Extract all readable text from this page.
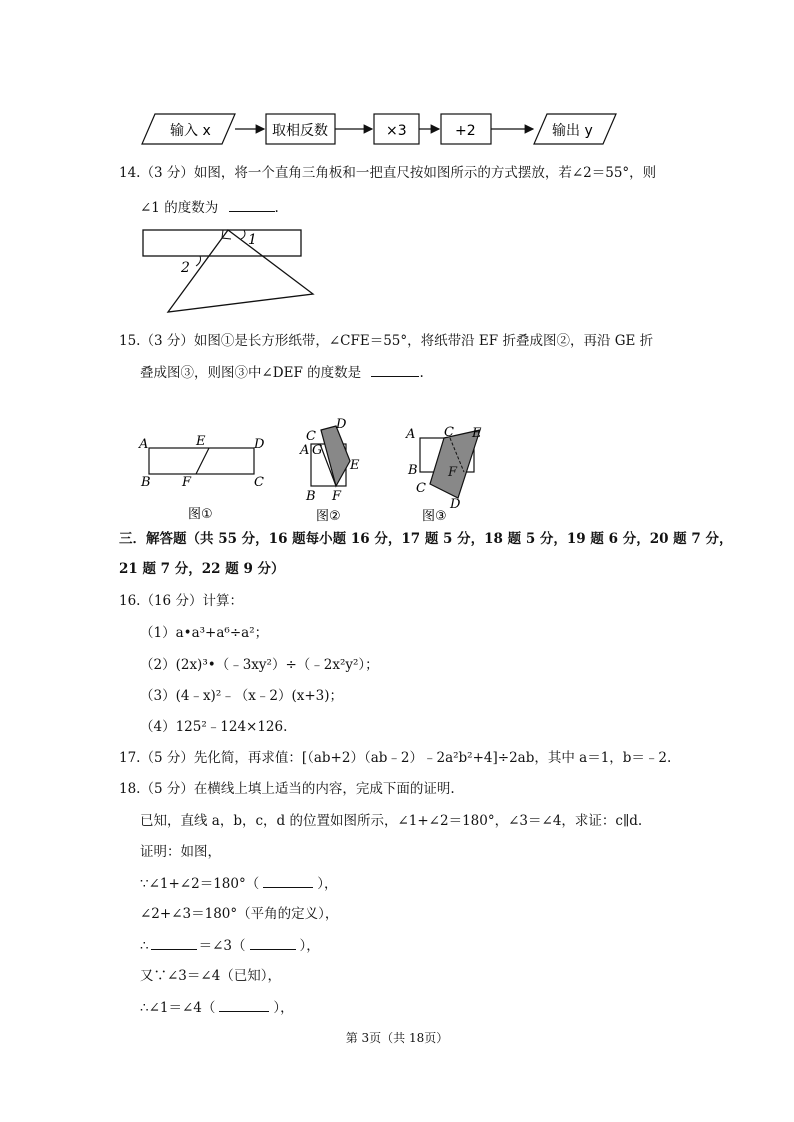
输入 x	取相反数	×3	+2	输出 y
14.（3 分）如图，将一个直角三角板和一把直尺按如图所示的方式摆放，若∠2＝55°，则
∠1 的度数为	.
1
2
15.（3 分）如图①是长方形纸带，∠CFE＝55°，将纸带沿 EF 折叠成图②，再沿 GE 折
叠成图③，则图③中∠DEF 的度数是	.
A	E	D
B F	C
图①
C
D
A G
E
B F
图②
A C E
B F
C
D
图③
三．解答题（共 55 分，16 题每小题 16 分，17 题 5 分，18 题 5 分，19 题 6 分，20 题 7 分，
21 题 7 分，22 题 9 分）
16.（16 分）计算：
（1）a•a³+a⁶÷a²；
（2）(2x)³•（﹣3xy²）÷（﹣2x²y²）；
（3）(4﹣x)²﹣（x﹣2）(x+3)；
（4）125²﹣124×126.
17.（5 分）先化简，再求值：[（ab+2）（ab﹣2）﹣2a²b²+4]÷2ab，其中 a＝1，b＝﹣2.
18.（5 分）在横线上填上适当的内容，完成下面的证明.
已知，直线 a，b，c，d 的位置如图所示，∠1+∠2＝180°，∠3＝∠4，求证：c∥d.
证明：如图，
∵∠1+∠2＝180°（	），
∠2+∠3＝180°（平角的定义），
∴	＝∠3（	），
又∵∠3＝∠4（已知），
∴∠1＝∠4（	），
第 3页（共 18页）
